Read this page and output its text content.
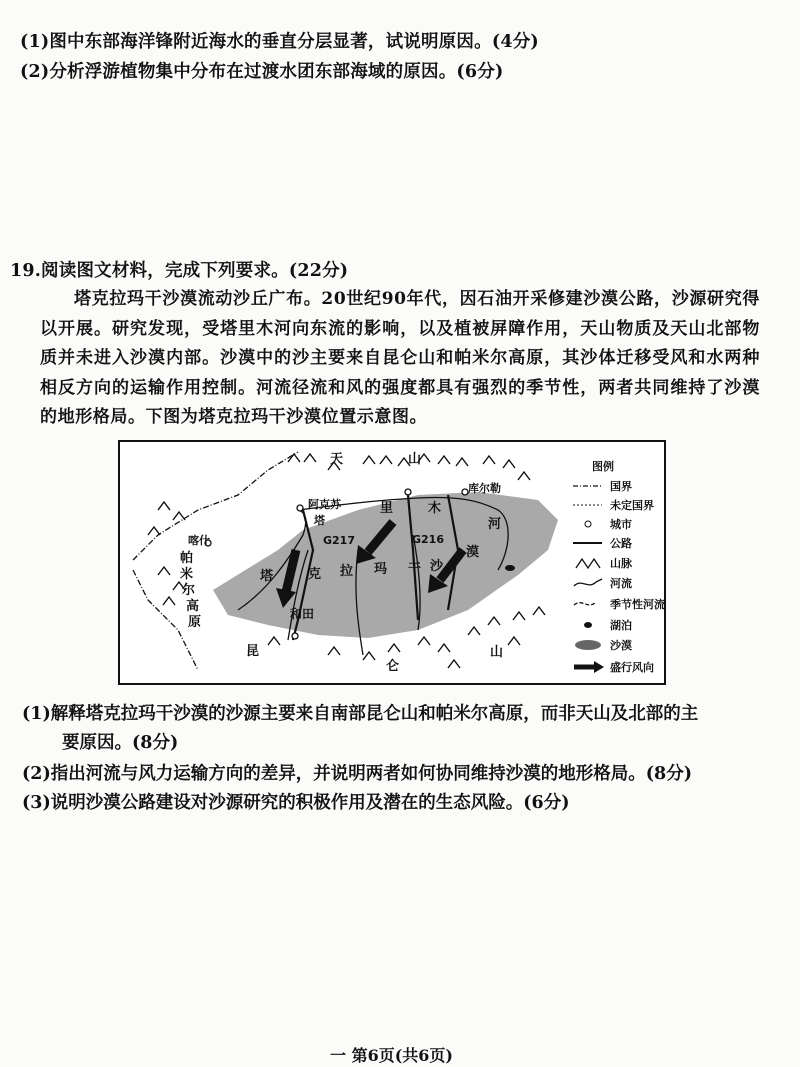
(1)图中东部海洋锋附近海水的垂直分层显著，试说明原因。(4分)
(2)分析浮游植物集中分布在过渡水团东部海域的原因。(6分)
19.阅读图文材料，完成下列要求。(22分)

塔克拉玛干沙漠流动沙丘广布。20世纪90年代，因石油开采修建沙漠公路，沙源研究得以开展。研究发现，受塔里木河向东流的影响，以及植被屏障作用，天山物质及天山北部物质并未进入沙漠内部。沙漠中的沙主要来自昆仑山和帕米尔高原，其沙体迁移受风和水两种相反方向的运输作用控制。河流径流和风的强度都具有强烈的季节性，两者共同维持了沙漠的地形格局。下图为塔克拉玛干沙漠位置示意图。

天	山
库尔勒
阿克苏
塔
里	木
河
喀什
帕
米
尔
高
原
塔	克 拉 玛 干 沙
漠
和田
昆
仑
山
G217	G216
图例
国界
未定国界
城市
公路
山脉
河流
季节性河流
湖泊
沙漠
盛行风向
(1)解释塔克拉玛干沙漠的沙源主要来自南部昆仑山和帕米尔高原，而非天山及北部的主
要原因。(8分)
(2)指出河流与风力运输方向的差异，并说明两者如何协同维持沙漠的地形格局。(8分)
(3)说明沙漠公路建设对沙源研究的积极作用及潜在的生态风险。(6分)
一 第6页(共6页)
